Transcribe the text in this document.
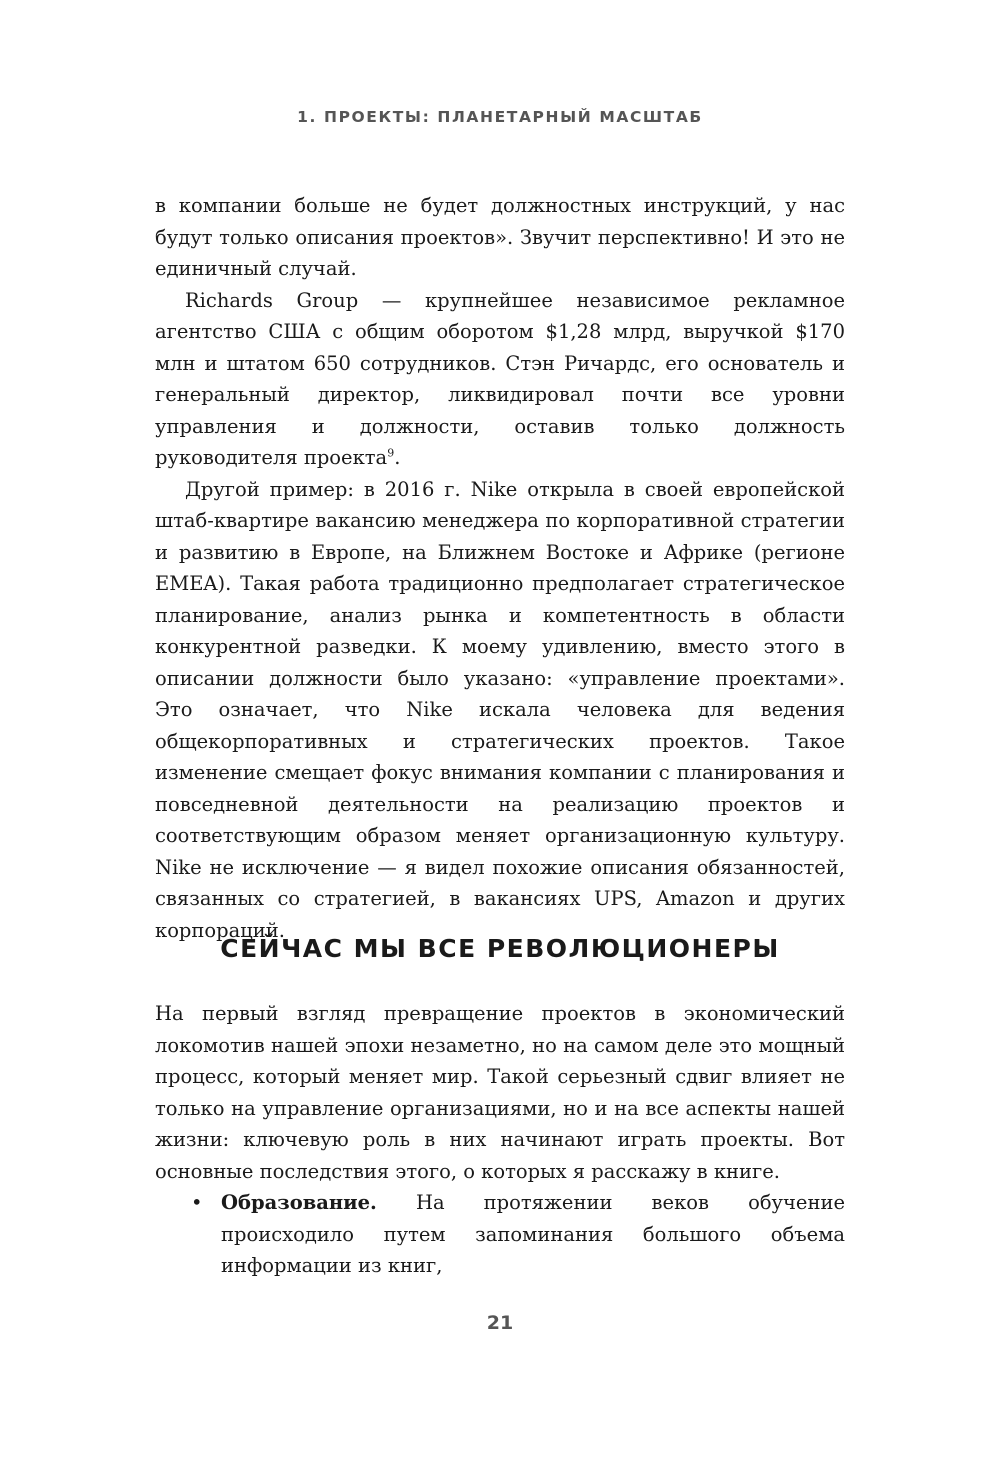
1. ПРОЕКТЫ: ПЛАНЕТАРНЫЙ МАСШТАБ

в компании больше не будет должностных инструкций, у нас будут только описания проектов». Звучит перспективно! И это не единичный случай.

Richards Group — крупнейшее независимое рекламное агентство США с общим оборотом $1,28 млрд, выручкой $170 млн и штатом 650 сотрудников. Стэн Ричардс, его основатель и генеральный директор, ликвидировал почти все уровни управления и должности, оставив только должность руководителя проекта$^9$.

Другой пример: в 2016 г. Nike открыла в своей европейской штаб-квартире вакансию менеджера по корпоративной стратегии и развитию в Европе, на Ближнем Востоке и Африке (регионе EMEA). Такая работа традиционно предполагает стратегическое планирование, анализ рынка и компетентность в области конкурентной разведки. К моему удивлению, вместо этого в описании должности было указано: «управление проектами». Это означает, что Nike искала человека для ведения общекорпоративных и стратегических проектов. Такое изменение смещает фокус внимания компании с планирования и повседневной деятельности на реализацию проектов и соответствующим образом меняет организационную культуру. Nike не исключение — я видел похожие описания обязанностей, связанных со стратегией, в вакансиях UPS, Amazon и других корпораций.

СЕЙЧАС МЫ ВСЕ РЕВОЛЮЦИОНЕРЫ

На первый взгляд превращение проектов в экономический локомотив нашей эпохи незаметно, но на самом деле это мощный процесс, который меняет мир. Такой серьезный сдвиг влияет не только на управление организациями, но и на все аспекты нашей жизни: ключевую роль в них начинают играть проекты. Вот основные последствия этого, о которых я расскажу в книге.

• Образование. На протяжении веков обучение происходило путем запоминания большого объема информации из книг,
21
